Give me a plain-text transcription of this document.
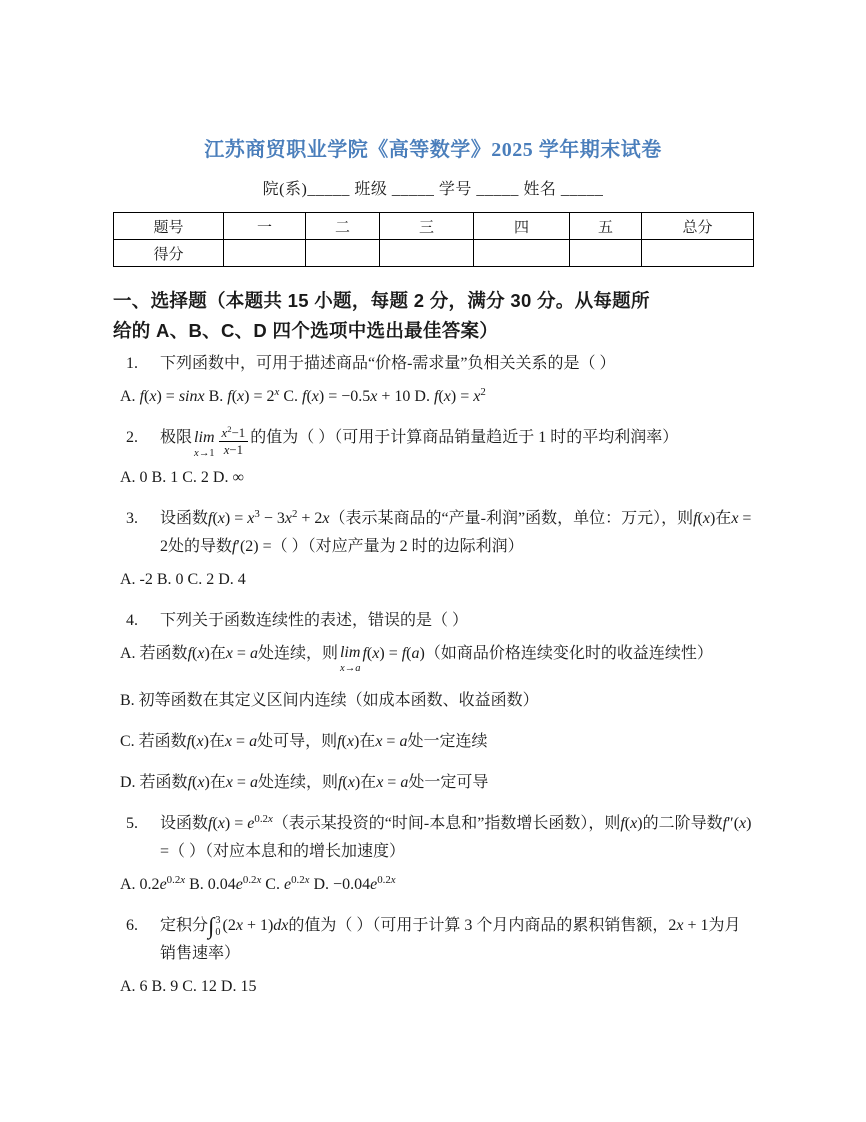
江苏商贸职业学院《高等数学》2025 学年期末试卷
院(系)_____ 班级 _____ 学号 _____ 姓名 _____
题号	一	二	三	四	五	总分
得分						
一、选择题（本题共 15 小题，每题 2 分，满分 30 分。从每题所
给的 A、B、C、D 四个选项中选出最佳答案）
1. 下列函数中，可用于描述商品“价格-需求量”负相关关系的是（ ）
A. f(x) = sinx B. $f(x) = 2^x$ C. f(x) = −0.5x + 10 D. $f(x) = x^2$
2. 极限 lim
$x\to 1 \frac{x^2-1}{x-1}$ 的值为（ ）（可用于计算商品销量趋近于 1 时的平均利润率）
A. 0 B. 1 C. 2 D. ∞
3. 设函数$f(x) = x^3 - 3x^2 + 2x$（表示某商品的“产量-利润”函数，单位：万元），则f(x)在x = 2处的导数f′(2) =（ ）（对应产量为 2 时的边际利润）
A. -2 B. 0 C. 2 D. 4
4. 下列关于函数连续性的表述，错误的是（ ）
A. 若函数f(x)在x = a处连续，则 lim
x→a
f(x) = f(a)（如商品价格连续变化时的收益连续性）
B. 初等函数在其定义区间内连续（如成本函数、收益函数）
C. 若函数f(x)在x = a处可导，则f(x)在x = a处一定连续
D. 若函数f(x)在x = a处连续，则f(x)在x = a处一定可导
5. 设函数$f(x) = e^{0.2x}$（表示某投资的“时间-本息和”指数增长函数），则f(x)的二阶导数f″(x) =（ ）（对应本息和的增长加速度）
A. $0.2e^{0.2x}$ B. $0.04e^{0.2x}$ C. $e^{0.2x}$ D. $-0.04e^{0.2x}$
6. 定积分∫ 3
0 (2x + 1)dx的值为（ ）（可用于计算 3 个月内商品的累积销售额，2x + 1为月销售速率）
A. 6 B. 9 C. 12 D. 15
